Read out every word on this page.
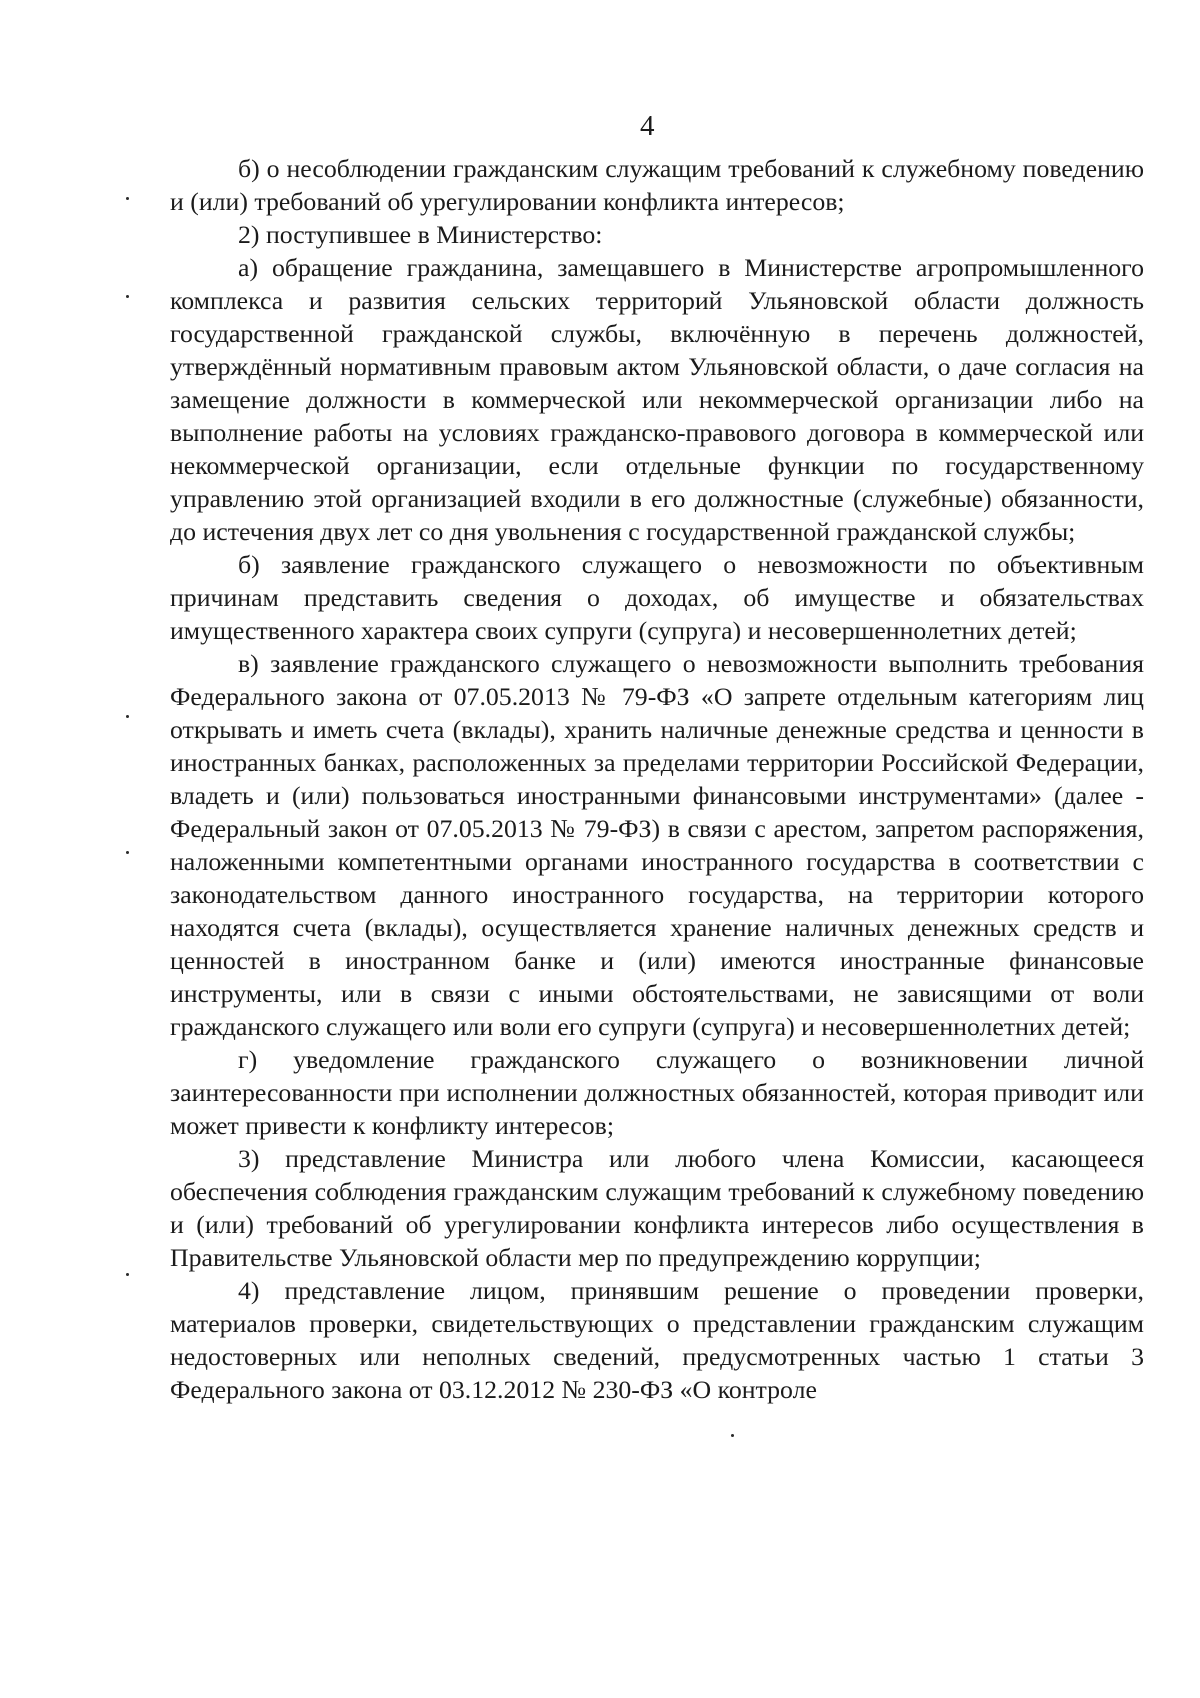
4

б) о несоблюдении гражданским служащим требований к служебному поведению и (или) требований об урегулировании конфликта интересов;

2) поступившее в Министерство:

а) обращение гражданина, замещавшего в Министерстве агропромышленного комплекса и развития сельских территорий Ульяновской области должность государственной гражданской службы, включённую в перечень должностей, утверждённый нормативным правовым актом Ульяновской области, о даче согласия на замещение должности в коммерческой или некоммерческой организации либо на выполнение работы на условиях гражданско-правового договора в коммерческой или некоммерческой организации, если отдельные функции по государственному управлению этой организацией входили в его должностные (служебные) обязанности, до истечения двух лет со дня увольнения с государственной гражданской службы;

б) заявление гражданского служащего о невозможности по объективным причинам представить сведения о доходах, об имуществе и обязательствах имущественного характера своих супруги (супруга) и несовершеннолетних детей;

в) заявление гражданского служащего о невозможности выполнить требования Федерального закона от 07.05.2013 № 79-ФЗ «О запрете отдельным категориям лиц открывать и иметь счета (вклады), хранить наличные денежные средства и ценности в иностранных банках, расположенных за пределами территории Российской Федерации, владеть и (или) пользоваться иностранными финансовыми инструментами» (далее - Федеральный закон от 07.05.2013 № 79-ФЗ) в связи с арестом, запретом распоряжения, наложенными компетентными органами иностранного государства в соответствии с законодательством данного иностранного государства, на территории которого находятся счета (вклады), осуществляется хранение наличных денежных средств и ценностей в иностранном банке и (или) имеются иностранные финансовые инструменты, или в связи с иными обстоятельствами, не зависящими от воли гражданского служащего или воли его супруги (супруга) и несовершеннолетних детей;

г) уведомление гражданского служащего о возникновении личной заинтересованности при исполнении должностных обязанностей, которая приводит или может привести к конфликту интересов;

3) представление Министра или любого члена Комиссии, касающееся обеспечения соблюдения гражданским служащим требований к служебному поведению и (или) требований об урегулировании конфликта интересов либо осуществления в Правительстве Ульяновской области мер по предупреждению коррупции;

4) представление лицом, принявшим решение о проведении проверки, материалов проверки, свидетельствующих о представлении гражданским служащим недостоверных или неполных сведений, предусмотренных частью 1 статьи 3 Федерального закона от 03.12.2012 № 230-ФЗ «О контроле
